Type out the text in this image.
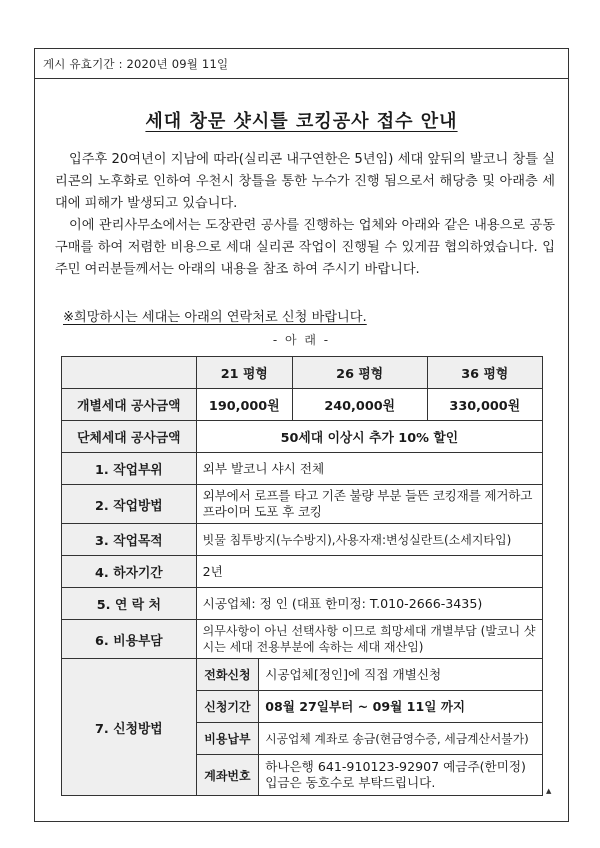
게시 유효기간 : 2020년 09월 11일
세대 창문 샷시틀 코킹공사 접수 안내

입주후 20여년이 지남에 따라(실리콘 내구연한은 5년임) 세대 앞뒤의 발코니 창틀 실리콘의 노후화로 인하여 우천시 창틀을 통한 누수가 진행 됨으로서 해당층 및 아래층 세대에 피해가 발생되고 있습니다.

이에 관리사무소에서는 도장관련 공사를 진행하는 업체와 아래와 같은 내용으로 공동구매를 하여 저렴한 비용으로 세대 실리콘 작업이 진행될 수 있게끔 협의하였습니다. 입주민 여러분들께서는 아래의 내용을 참조 하여 주시기 바랍니다.

※희망하시는 세대는 아래의 연락처로 신청 바랍니다.
- 아 래 -
	21 평형		26 평형	36 평형
개별세대 공사금액	190,000원		240,000원	330,000원
단체세대 공사금액	50세대 이상시 추가 10% 할인			
1. 작업부위	외부 발코니 샤시 전체			
2. 작업방법	외부에서 로프를 타고 기존 불량 부분 들뜬 코킹재를 제거하고 프라이머 도포 후 코킹			
3. 작업목적	빗물 침투방지(누수방지),사용자재:변성실란트(소세지타입)			
4. 하자기간	2년			
5. 연 락 처	시공업체: 정 인 (대표 한미정: T.010-2666-3435)			
6. 비용부담	의무사항이 아닌 선택사항 이므로 희망세대 개별부담 (발코니 샷시는 세대 전용부분에 속하는 세대 재산임)			
7. 신청방법	전화신청	시공업체[정인]에 직접 개별신청		
	신청기간	08월 27일부터 ~ 09월 11일 까지		
	비용납부	시공업체 계좌로 송금(현금영수증, 세금계산서불가)		
	계좌번호	하나은행 641-910123-92907 예금주(한미정) 입금은 동호수로 부탁드립니다.		
▲
